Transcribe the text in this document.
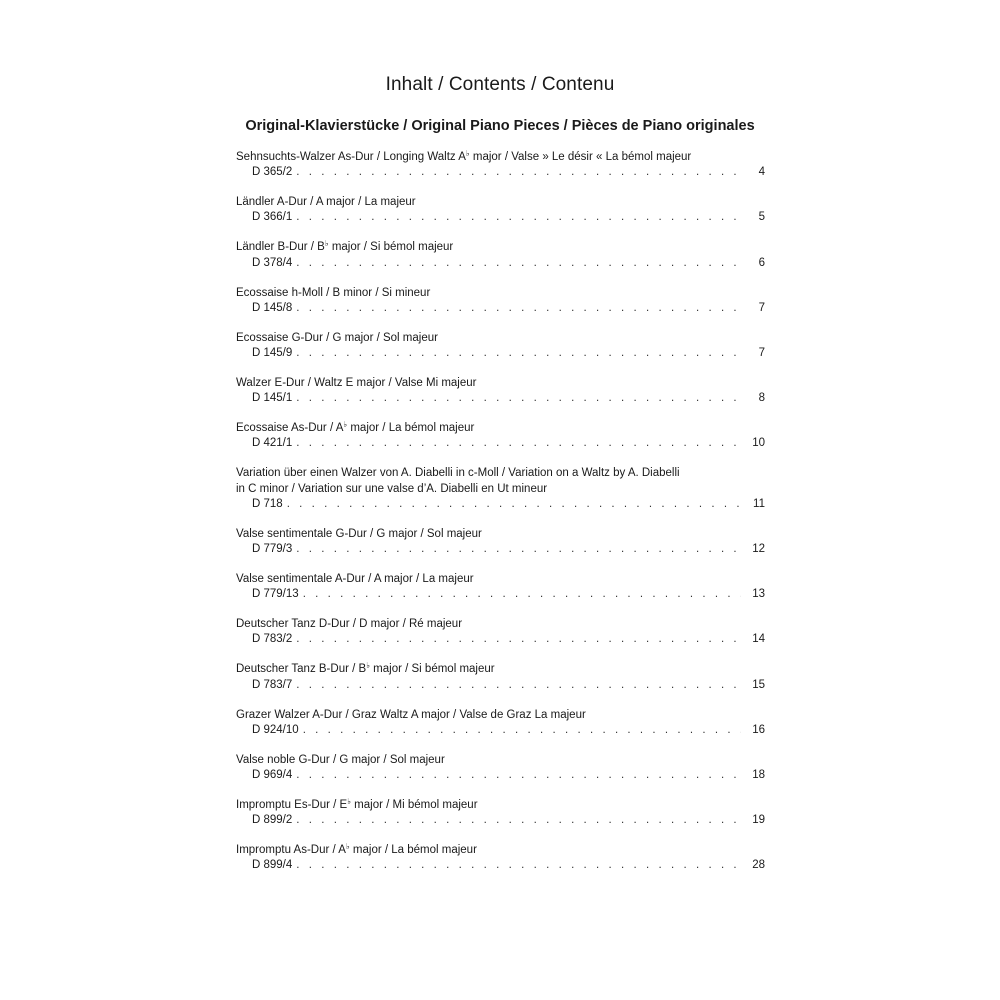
Inhalt / Contents / Contenu
Original-Klavierstücke / Original Piano Pieces / Pièces de Piano originales
Sehnsuchts-Walzer As-Dur / Longing Waltz A♭ major / Valse » Le désir « La bémol majeur
D 365/2 . . .	4
Ländler A-Dur / A major / La majeur
D 366/1 . . .	5
Ländler B-Dur / B♭ major / Si bémol majeur
D 378/4 . . .	6
Ecossaise h-Moll / B minor / Si mineur
D 145/8 . . .	7
Ecossaise G-Dur / G major / Sol majeur
D 145/9 . . .	7
Walzer E-Dur / Waltz E major / Valse Mi majeur
D 145/1 . . .	8
Ecossaise As-Dur / A♭ major / La bémol majeur
D 421/1 . . .	10
Variation über einen Walzer von A. Diabelli in c-Moll / Variation on a Waltz by A. Diabelli
in C minor / Variation sur une valse d’A. Diabelli en Ut mineur
D 718 . . .	11
Valse sentimentale G-Dur / G major / Sol majeur
D 779/3 . . .	12
Valse sentimentale A-Dur / A major / La majeur
D 779/13 . . .	13
Deutscher Tanz D-Dur / D major / Ré majeur
D 783/2 . . .	14
Deutscher Tanz B-Dur / B♭ major / Si bémol majeur
D 783/7 . . .	15
Grazer Walzer A-Dur / Graz Waltz A major / Valse de Graz La majeur
D 924/10 . . .	16
Valse noble G-Dur / G major / Sol majeur
D 969/4 . . .	18
Impromptu Es-Dur / E♭ major / Mi bémol majeur
D 899/2 . . .	19
Impromptu As-Dur / A♭ major / La bémol majeur
D 899/4 . . .	28
